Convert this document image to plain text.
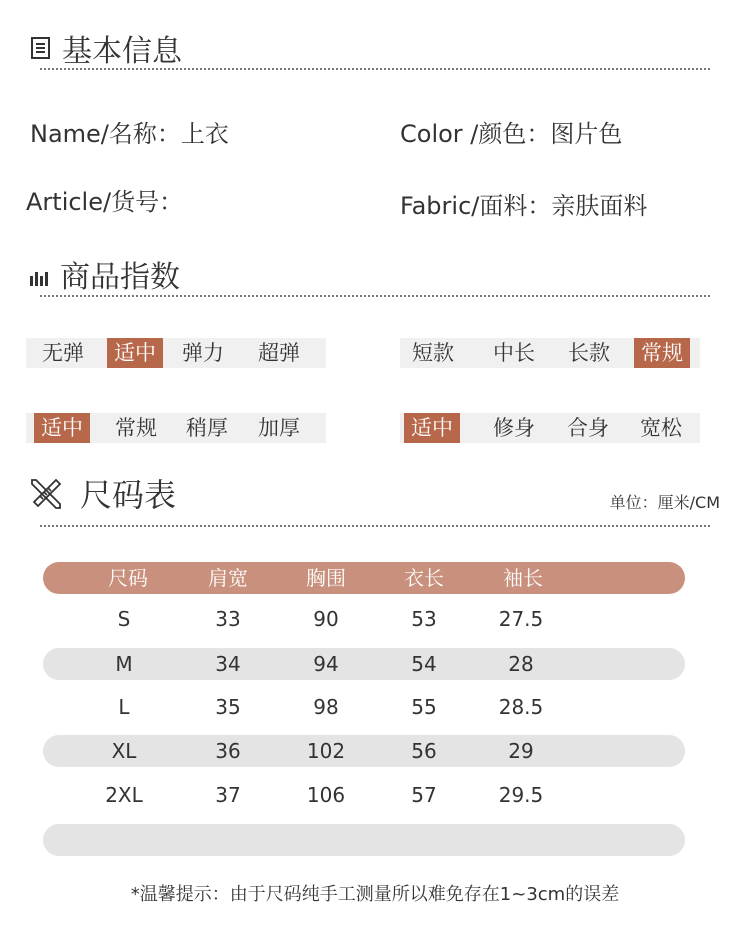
基本信息
Name/名称：上衣	Color /颜色：图片色
Article/货号：	Fabric/面料：亲肤面料
商品指数
无弹	适中	弹力	超弹	短款	中长	长款	常规
适中	常规	稍厚	加厚	适中	修身	合身	宽松
尺码表	单位：厘米/CM
尺码	肩宽	胸围	衣长	袖长
S	33	90	53	27.5
M	34	94	54	28
L	35	98	55	28.5
XL	36	102	56	29
2XL	37	106	57	29.5
*温馨提示：由于尺码纯手工测量所以难免存在1~3cm的误差
